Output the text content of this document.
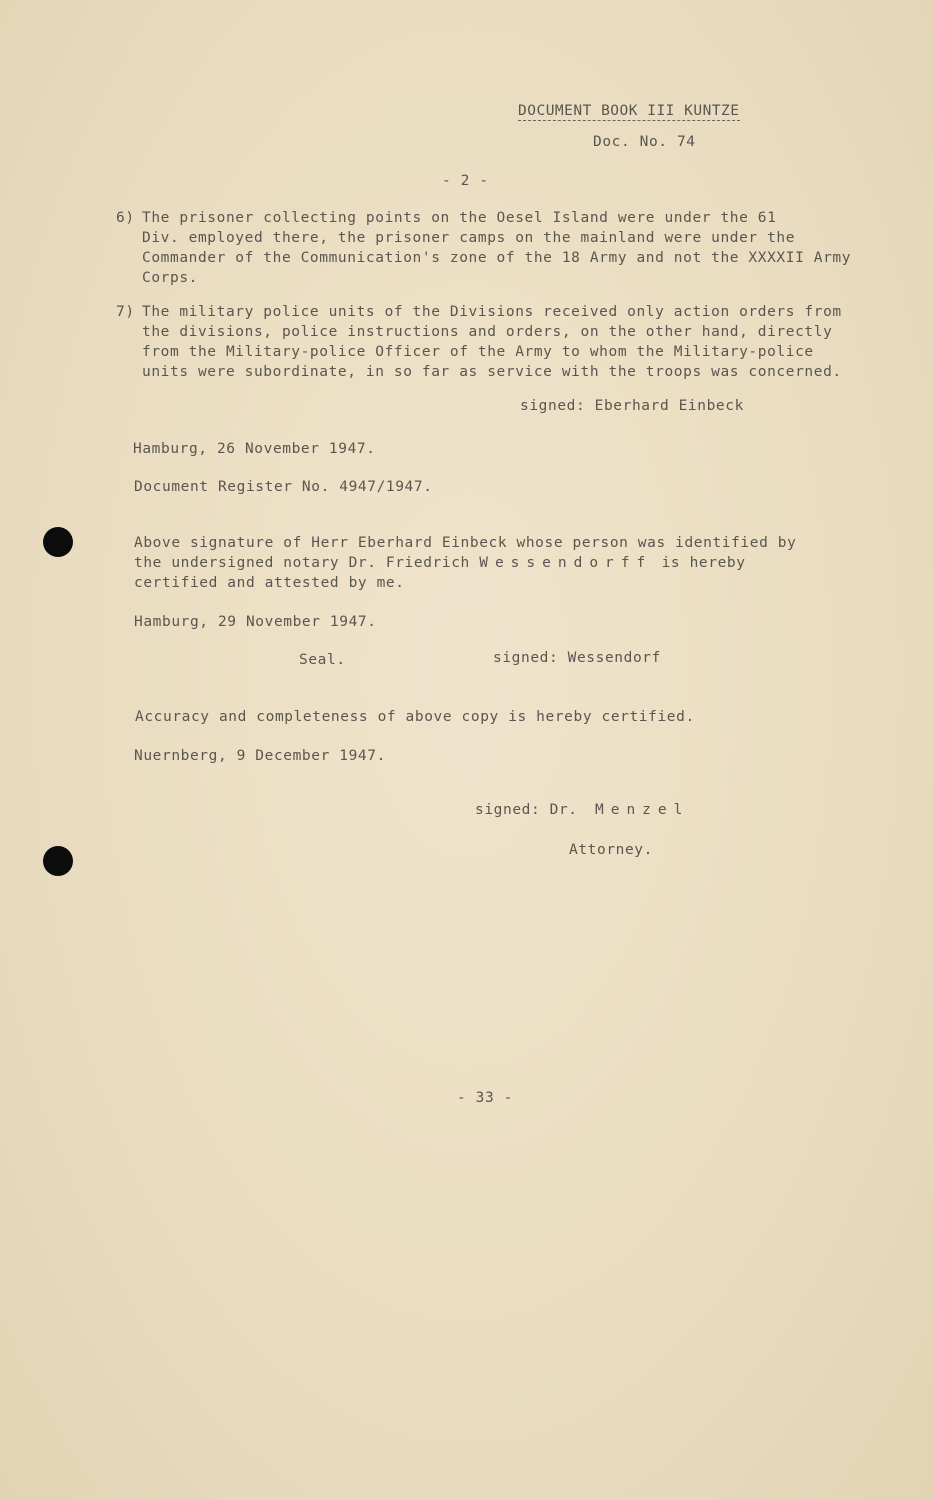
DOCUMENT BOOK III KUNTZE
Doc. No. 74
- 2 -
6) The prisoner collecting points on the Oesel Island were under the 61
Div. employed there, the prisoner camps on the mainland were under the
Commander of the Communication's zone of the 18 Army and not the XXXXII Army
Corps.
7) The military police units of the Divisions received only action orders from
the divisions, police instructions and orders, on the other hand, directly
from the Military-police Officer of the Army to whom the Military-police
units were subordinate, in so far as service with the troops was concerned.
signed: Eberhard Einbeck
Hamburg, 26 November 1947.
Document Register No. 4947/1947.
Above signature of Herr Eberhard Einbeck whose person was identified by
the undersigned notary Dr. Friedrich Wessendorff is hereby
certified and attested by me.
Hamburg, 29 November 1947.
Seal.	signed: Wessendorf
Accuracy and completeness of above copy is hereby certified.
Nuernberg, 9 December 1947.
signed: Dr. Menzel
Attorney.
- 33 -
